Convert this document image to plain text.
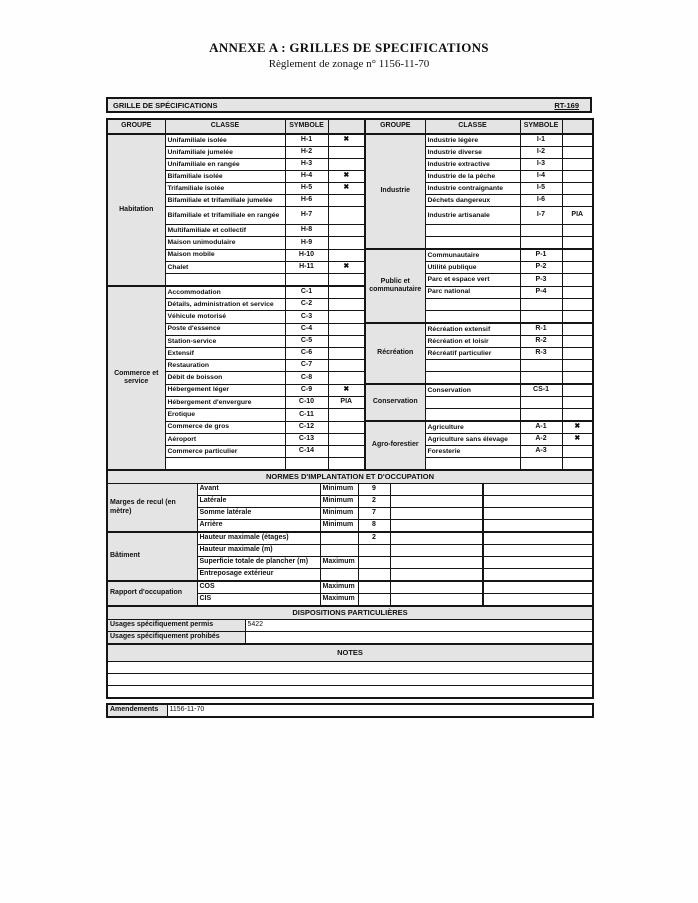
ANNEXE A : GRILLES DE SPECIFICATIONS
Règlement de zonage n° 1156-11-70
GRILLE DE SPÉCIFICATIONS	RT-169
GROUPE	CLASSE	SYMBOLE		GROUPE	CLASSE	SYMBOLE	
Habitation	Unifamiliale isolée	H-1	✖	Industrie	Industrie légère	I-1	
	Unifamiliale jumelée	H-2			Industrie diverse	I-2	
	Unifamiliale en rangée	H-3			Industrie extractive	I-3	
	Bifamiliale isolée	H-4	✖		Industrie de la pêche	I-4	
	Trifamiliale isolée	H-5	✖		Industrie contraignante	I-5	
	Bifamiliale et trifamiliale jumelée	H-6			Déchets dangereux	I-6	
	Bifamiliale et trifamiliale en rangée	H-7			Industrie artisanale	I-7	PIA
	Multifamiliale et collectif	H-8					
	Maison unimodulaire	H-9					
	Maison mobile	H-10		Public et communautaire	Communautaire	P-1	
	Chalet	H-11	✖		Utilité publique	P-2	
					Parc et espace vert	P-3	
Commerce et service	Accommodation	C-1			Parc national	P-4	
	Détails, administration et service	C-2					
	Véhicule motorisé	C-3					
	Poste d'essence	C-4		Récréation	Récréation extensif	R-1	
	Station-service	C-5			Récréation et loisir	R-2	
	Extensif	C-6			Récréatif particulier	R-3	
	Restauration	C-7					
	Débit de boisson	C-8					
	Hébergement léger	C-9	✖	Conservation	Conservation	CS-1	
	Hébergement d'envergure	C-10	PIA				
	Erotique	C-11					
	Commerce de gros	C-12		Agro-forestier	Agriculture	A-1	✖
	Aéroport	C-13			Agriculture sans élevage	A-2	✖
	Commerce particulier	C-14			Foresterie	A-3	

NORMES D'IMPLANTATION ET D'OCCUPATION					
Marges de recul (en mètre)	Avant	Minimum	9		
	Latérale	Minimum	2		
	Somme latérale	Minimum	7		
	Arrière	Minimum	8		
Bâtiment	Hauteur maximale (étages)		2		
	Hauteur maximale (m)				
	Superficie totale de plancher (m)	Maximum			
	Entreposage extérieur				
Rapport d'occupation	COS	Maximum			
	CIS	Maximum			
DISPOSITIONS PARTICULIÈRES	
Usages spécifiquement permis	5422
Usages spécifiquement prohibés	
NOTES

Amendements	1156-11-70
